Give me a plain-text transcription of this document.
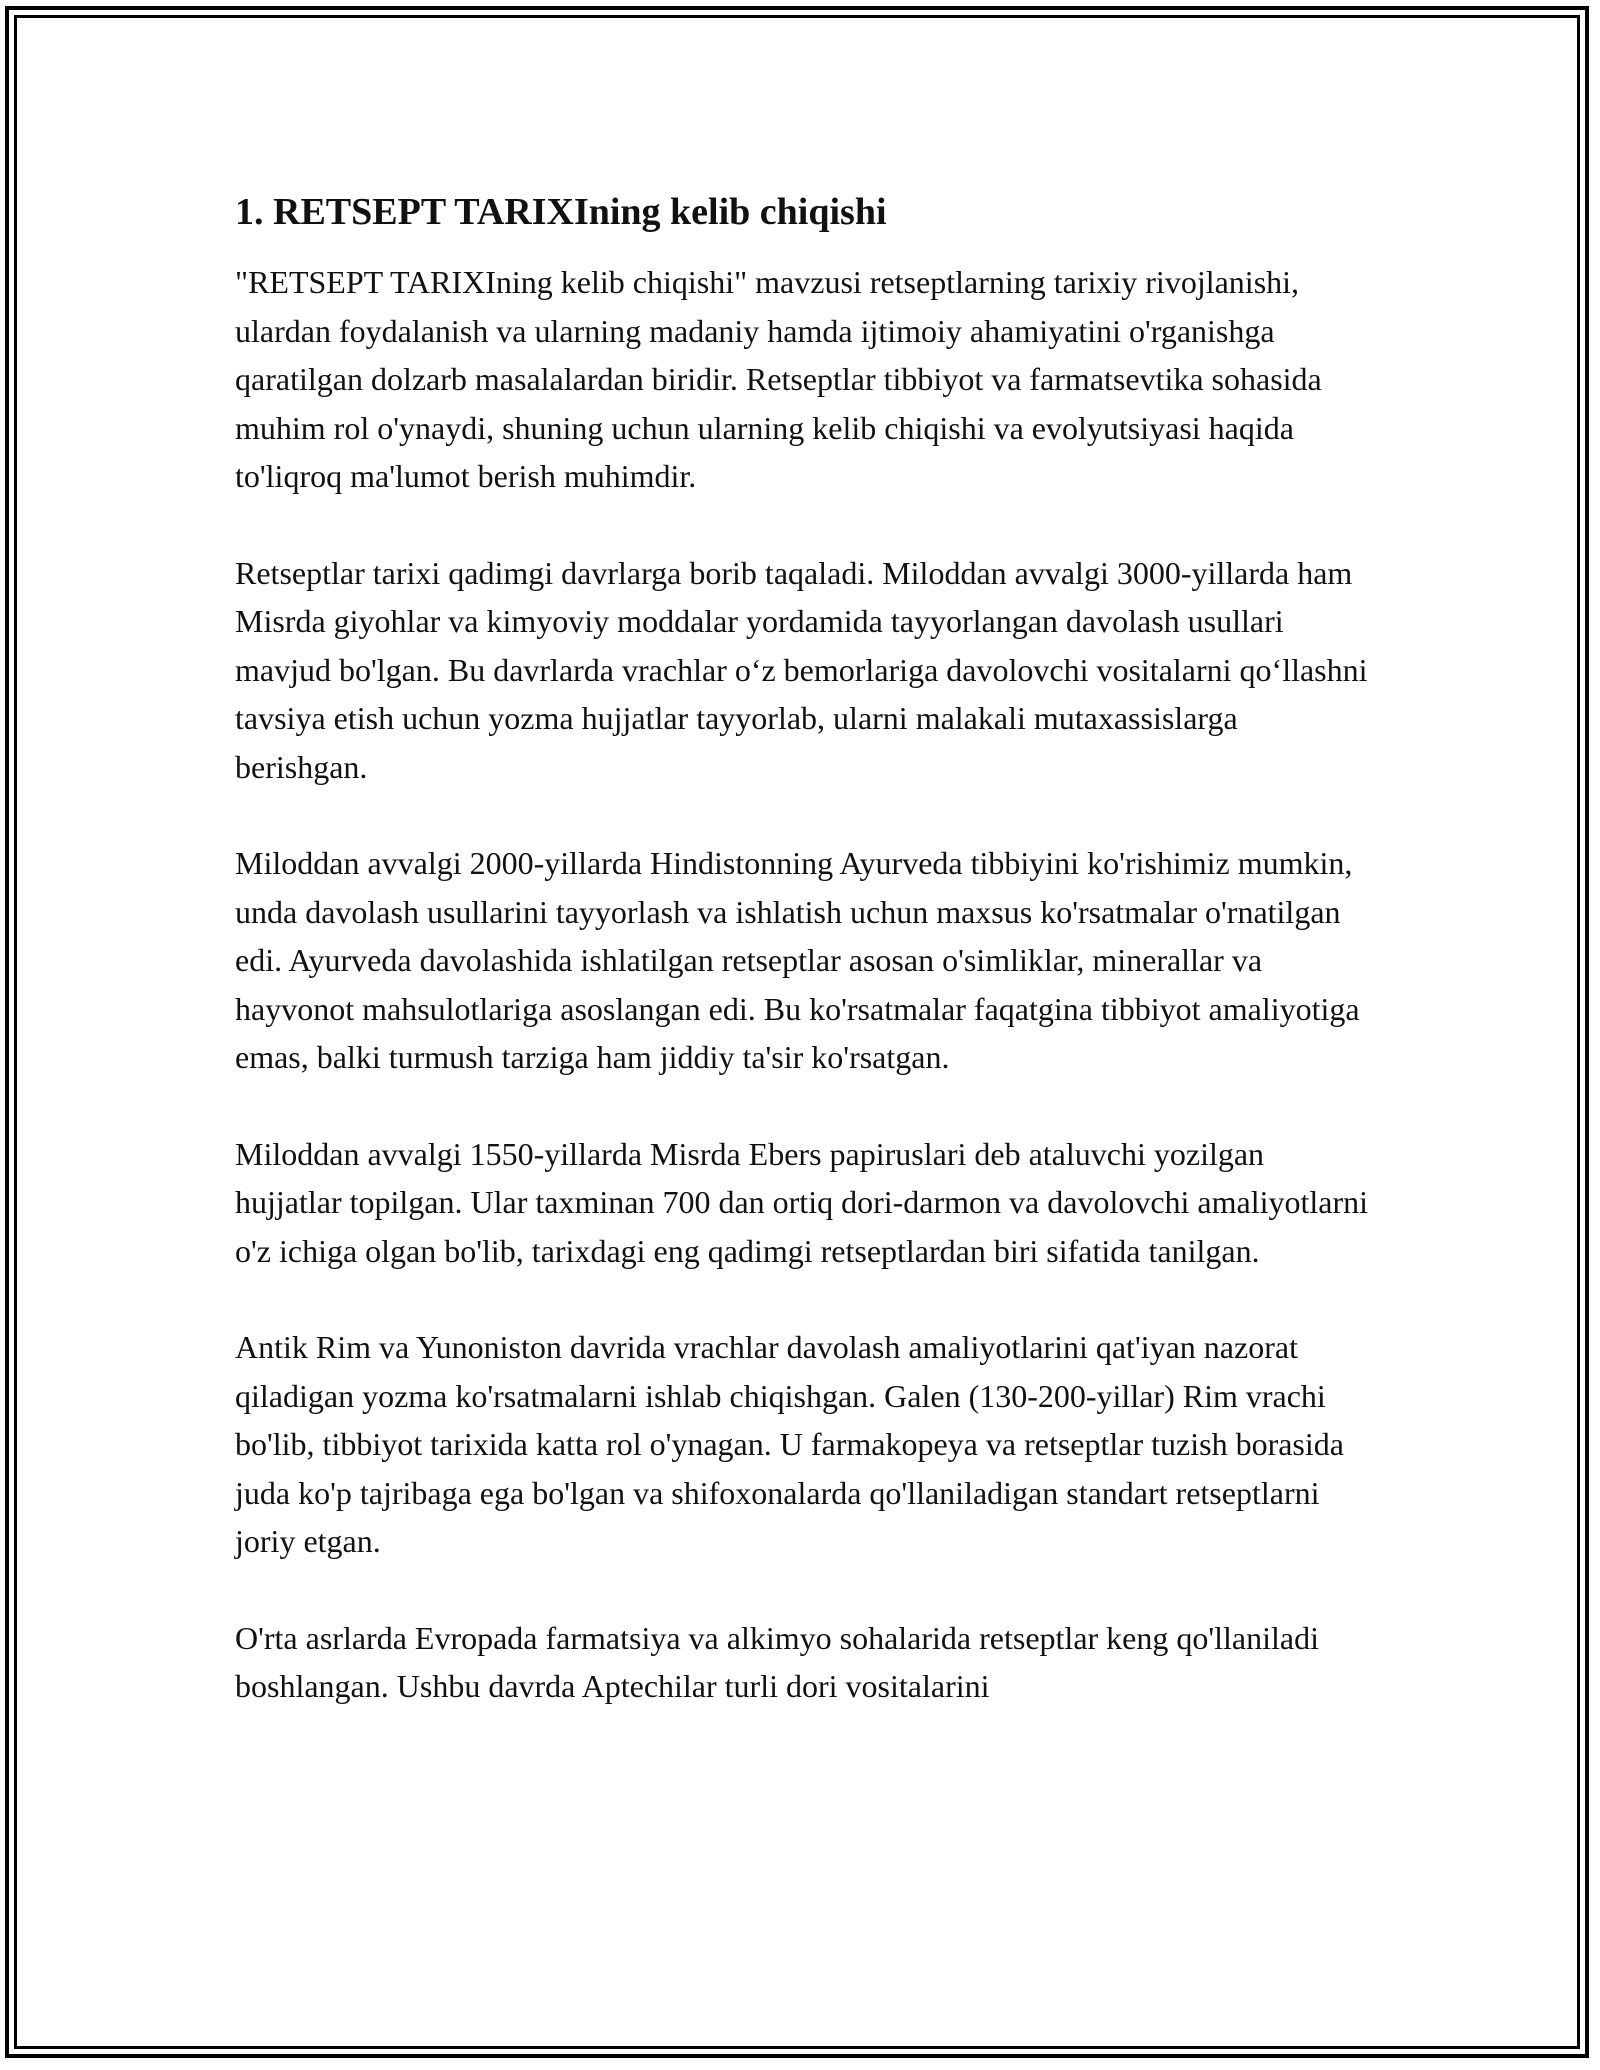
1. RETSEPT TARIXIning kelib chiqishi

"RETSEPT TARIXIning kelib chiqishi" mavzusi retseptlarning tarixiy rivojlanishi, ulardan foydalanish va ularning madaniy hamda ijtimoiy ahamiyatini o'rganishga qaratilgan dolzarb masalalardan biridir. Retseptlar tibbiyot va farmatsevtika sohasida muhim rol o'ynaydi, shuning uchun ularning kelib chiqishi va evolyutsiyasi haqida to'liqroq ma'lumot berish muhimdir.

Retseptlar tarixi qadimgi davrlarga borib taqaladi. Miloddan avvalgi 3000-yillarda ham Misrda giyohlar va kimyoviy moddalar yordamida tayyorlangan davolash usullari mavjud bo'lgan. Bu davrlarda vrachlar o‘z bemorlariga davolovchi vositalarni qo‘llashni tavsiya etish uchun yozma hujjatlar tayyorlab, ularni malakali mutaxassislarga berishgan.

Miloddan avvalgi 2000-yillarda Hindistonning Ayurveda tibbiyini ko'rishimiz mumkin, unda davolash usullarini tayyorlash va ishlatish uchun maxsus ko'rsatmalar o'rnatilgan edi. Ayurveda davolashida ishlatilgan retseptlar asosan o'simliklar, minerallar va hayvonot mahsulotlariga asoslangan edi. Bu ko'rsatmalar faqatgina tibbiyot amaliyotiga emas, balki turmush tarziga ham jiddiy ta'sir ko'rsatgan.

Miloddan avvalgi 1550-yillarda Misrda Ebers papiruslari deb ataluvchi yozilgan hujjatlar topilgan. Ular taxminan 700 dan ortiq dori-darmon va davolovchi amaliyotlarni o'z ichiga olgan bo'lib, tarixdagi eng qadimgi retseptlardan biri sifatida tanilgan.

Antik Rim va Yunoniston davrida vrachlar davolash amaliyotlarini qat'iyan nazorat qiladigan yozma ko'rsatmalarni ishlab chiqishgan. Galen (130-200-yillar) Rim vrachi bo'lib, tibbiyot tarixida katta rol o'ynagan. U farmakopeya va retseptlar tuzish borasida juda ko'p tajribaga ega bo'lgan va shifoxonalarda qo'llaniladigan standart retseptlarni joriy etgan.

O'rta asrlarda Evropada farmatsiya va alkimyo sohalarida retseptlar keng qo'llaniladi boshlangan. Ushbu davrda Aptechilar turli dori vositalarini
